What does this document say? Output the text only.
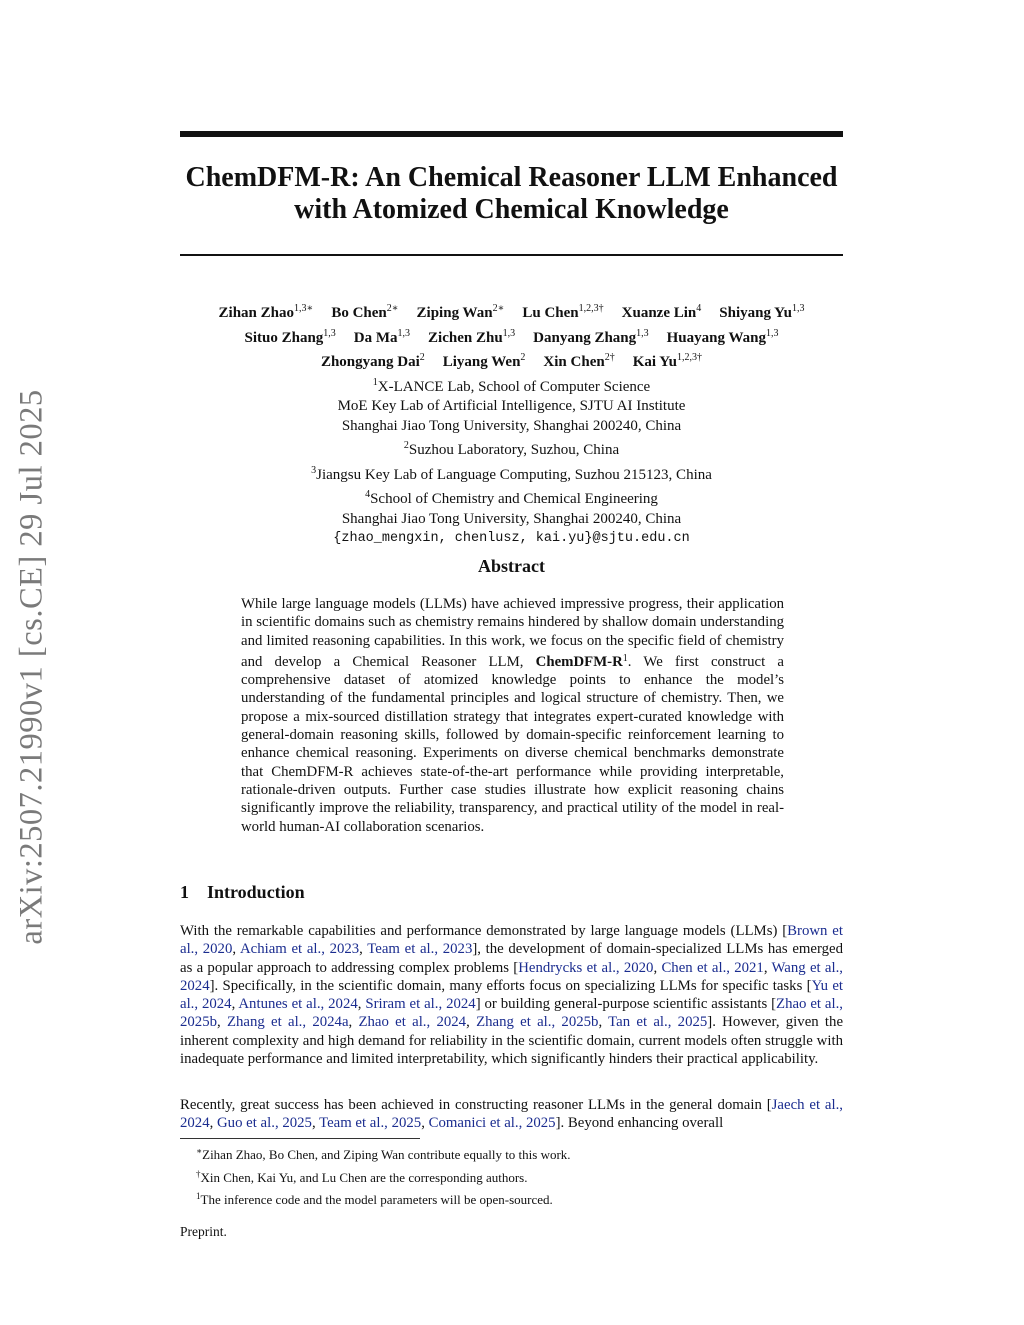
arXiv:2507.21990v1 [cs.CE] 29 Jul 2025
ChemDFM-R: An Chemical Reasoner LLM Enhanced with Atomized Chemical Knowledge
Zihan Zhao$^{1,3∗}$ Bo Chen$^{2∗}$ Ziping Wan$^{2∗}$ Lu Chen$^{1,2,3\dagger}$ Xuanze Lin$^4$ Shiyang Yu$^{1,3}$
Situo Zhang$^{1,3}$ Da Ma$^{1,3}$ Zichen Zhu$^{1,3}$ Danyang Zhang$^{1,3}$ Huayang Wang$^{1,3}$
Zhongyang Dai$^2$ Liyang Wen$^2$ Xin Chen$^{2\dagger}$ Kai $Yu^{1,2,3\dagger}$
$^1$X-LANCE Lab, School of Computer Science
MoE Key Lab of Artificial Intelligence, SJTU AI Institute
Shanghai Jiao Tong University, Shanghai 200240, China
$^2$Suzhou Laboratory, Suzhou, China
$^3$Jiangsu Key Lab of Language Computing, Suzhou 215123, China
$^4$School of Chemistry and Chemical Engineering
Shanghai Jiao Tong University, Shanghai 200240, China
{zhao_mengxin, chenlusz, kai.yu}@sjtu.edu.cn
Abstract
While large language models (LLMs) have achieved impressive progress, their application in scientific domains such as chemistry remains hindered by shallow domain understanding and limited reasoning capabilities. In this work, we focus on the specific field of chemistry and develop a Chemical Reasoner LLM, ChemDFM-$R^1$. We first construct a comprehensive dataset of atomized knowledge points to enhance the model’s understanding of the fundamental principles and logical structure of chemistry. Then, we propose a mix-sourced distillation strategy that integrates expert-curated knowledge with general-domain reasoning skills, followed by domain-specific reinforcement learning to enhance chemical reasoning. Experiments on diverse chemical benchmarks demonstrate that ChemDFM-R achieves state-of-the-art performance while providing interpretable, rationale-driven outputs. Further case studies illustrate how explicit reasoning chains significantly improve the reliability, transparency, and practical utility of the model in real-world human-AI collaboration scenarios.
1 Introduction
With the remarkable capabilities and performance demonstrated by large language models (LLMs) [Brown et al., 2020, Achiam et al., 2023, Team et al., 2023], the development of domain-specialized LLMs has emerged as a popular approach to addressing complex problems [Hendrycks et al., 2020, Chen et al., 2021, Wang et al., 2024]. Specifically, in the scientific domain, many efforts focus on specializing LLMs for specific tasks [Yu et al., 2024, Antunes et al., 2024, Sriram et al., 2024] or building general-purpose scientific assistants [Zhao et al., 2025b, Zhang et al., 2024a, Zhao et al., 2024, Zhang et al., 2025b, Tan et al., 2025]. However, given the inherent complexity and high demand for reliability in the scientific domain, current models often struggle with inadequate performance and limited interpretability, which significantly hinders their practical applicability.
Recently, great success has been achieved in constructing reasoner LLMs in the general domain [Jaech et al., 2024, Guo et al., 2025, Team et al., 2025, Comanici et al., 2025]. Beyond enhancing overall
∗Zihan Zhao, Bo Chen, and Ziping Wan contribute equally to this work.
†Xin Chen, Kai Yu, and Lu Chen are the corresponding authors.
$^1$The inference code and the model parameters will be open-sourced.
Preprint.
